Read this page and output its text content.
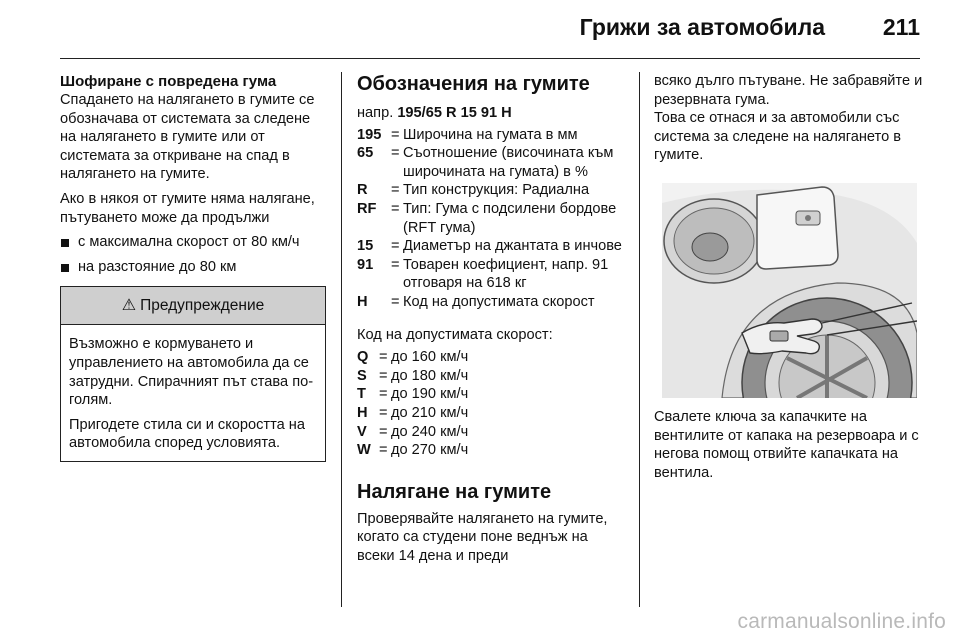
Грижи за автомобила	211
Шофиране с повредена гума

Спадането на налягането в гумите се обозначава от системата за следене на налягането в гумите или от системата за откриване на спад в налягането на гумите.

Ако в някоя от гумите няма налягане, пътуването може да продължи

с максимална скорост от 80 км/ч
на разстояние до 80 км
⚠ Предупреждение

Възможно е кормуването и управлението на автомобила да се затрудни. Спирачният път става по-голям.

Пригодете стила си и скоростта на автомобила според условията.

Обозначения на гумите

напр. 195/65 R 15 91 H

195 = Широчина на гумата в мм
65	= Съотношение (височината към широчината на гумата) в %
R	= Тип конструкция: Радиална
RF = Тип: Гума с подсилени бордове (RFT гума)
15	= Диаметър на джантата в инчове
91	= Товарен коефициент, напр. 91 отговаря на 618 кг
H	= Код на допустимата скорост

Код на допустимата скорост:

Q = до 160 км/ч
S = до 180 км/ч
T = до 190 км/ч
H = до 210 км/ч
V = до 240 км/ч
W = до 270 км/ч
Налягане на гумите

Проверявайте налягането на гумите, когато са студени поне веднъж на всеки 14 дена и преди

всяко дълго пътуване. Не забравяйте и резервната гума.

Това се отнася и за автомобили със система за следене на налягането в гумите.

Свалете ключа за капачките на вентилите от капака на резервоара и с негова помощ отвийте капачката на вентила.

carmanualsonline.info
